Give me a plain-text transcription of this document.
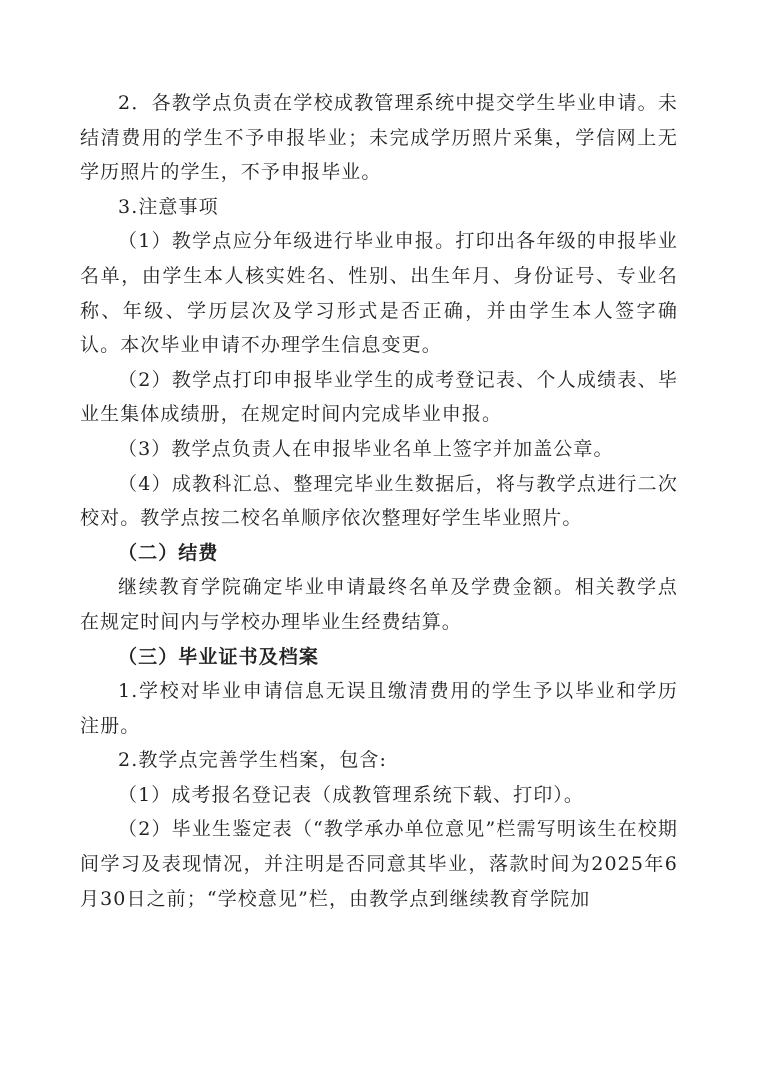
2．各教学点负责在学校成教管理系统中提交学生毕业申请。未结清费用的学生不予申报毕业；未完成学历照片采集，学信网上无学历照片的学生，不予申报毕业。

3.注意事项

（1）教学点应分年级进行毕业申报。打印出各年级的申报毕业名单，由学生本人核实姓名、性别、出生年月、身份证号、专业名称、年级、学历层次及学习形式是否正确，并由学生本人签字确认。本次毕业申请不办理学生信息变更。

（2）教学点打印申报毕业学生的成考登记表、个人成绩表、毕业生集体成绩册，在规定时间内完成毕业申报。

（3）教学点负责人在申报毕业名单上签字并加盖公章。

（4）成教科汇总、整理完毕业生数据后，将与教学点进行二次校对。教学点按二校名单顺序依次整理好学生毕业照片。

（二）结费

继续教育学院确定毕业申请最终名单及学费金额。相关教学点在规定时间内与学校办理毕业生经费结算。

（三）毕业证书及档案

1.学校对毕业申请信息无误且缴清费用的学生予以毕业和学历注册。

2.教学点完善学生档案，包含:

（1）成考报名登记表（成教管理系统下载、打印）。

（2）毕业生鉴定表（“教学承办单位意见”栏需写明该生在校期间学习及表现情况，并注明是否同意其毕业，落款时间为2025年6月30日之前；“学校意见”栏，由教学点到继续教育学院加
